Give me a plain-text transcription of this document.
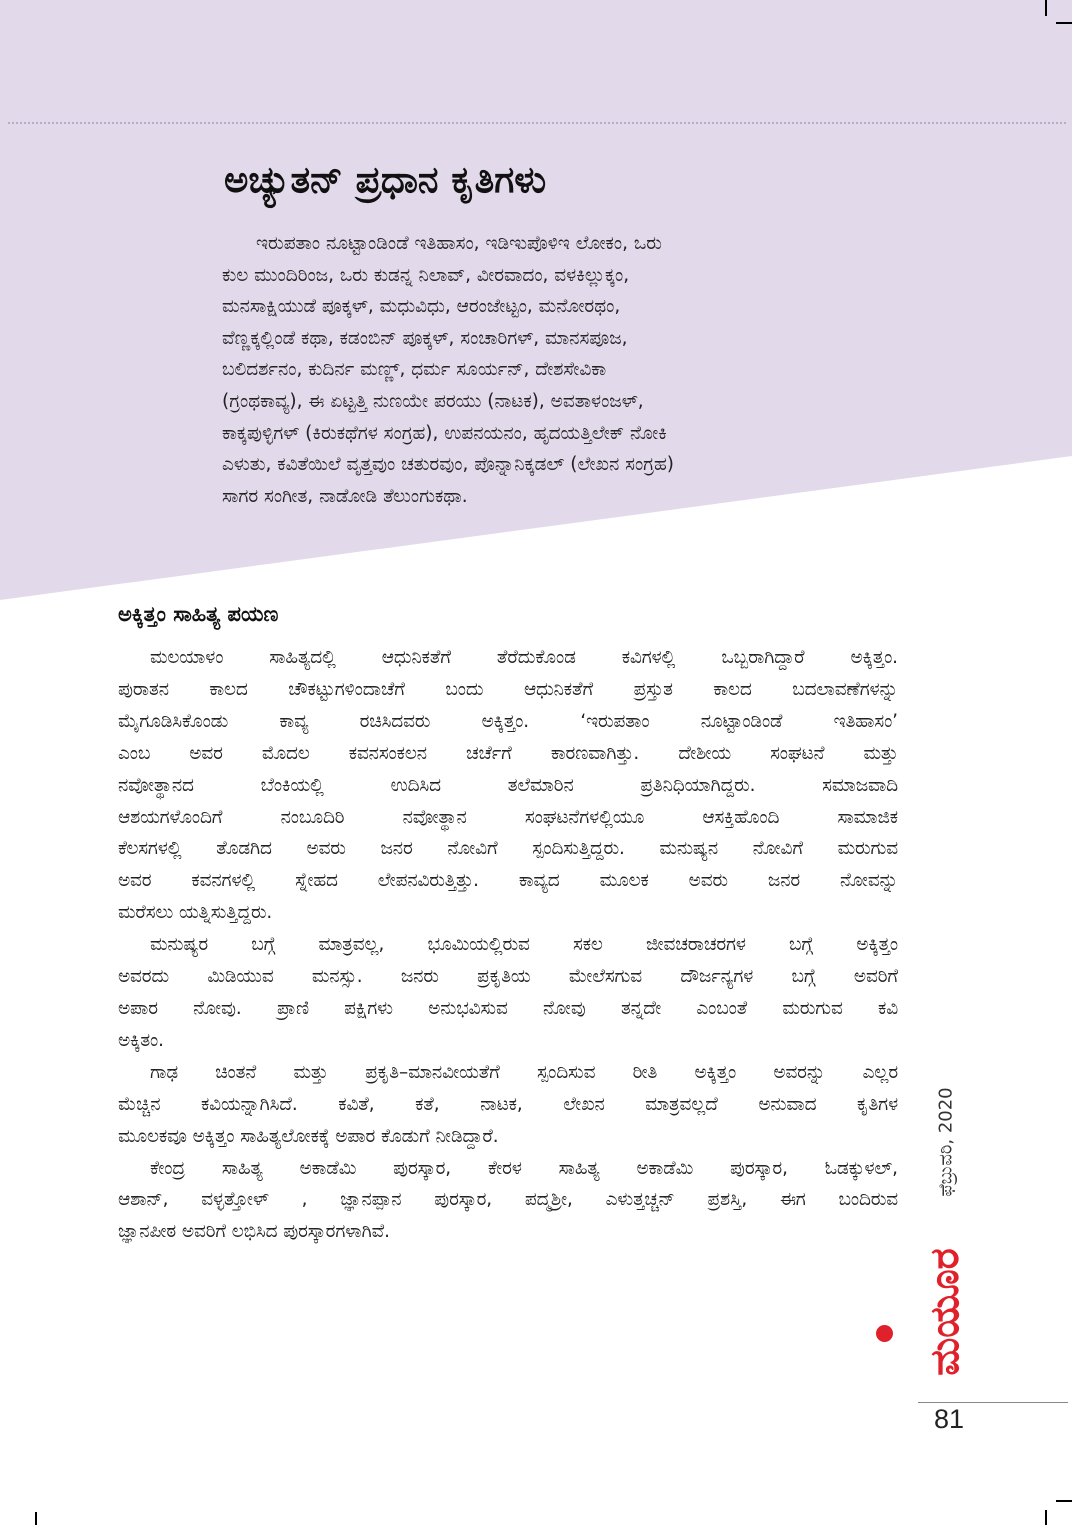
ಅಚ್ಯುತನ್ ಪ್ರಧಾನ ಕೃತಿಗಳು
ಇರುಪತಾಂ ನೂಟ್ಟಾಂಡಿಂಡೆ ಇತಿಹಾಸಂ, ಇಡಿಇುಪೊಳಿಇ ಲೋಕಂ, ಒರು
ಕುಲ ಮುಂದಿರಿಂಜ, ಒರು ಕುಡನ್ನ ನಿಲಾವ್, ವೀರವಾದಂ, ವಳಕಿಲ್ಲುಕ್ಕಂ,
ಮನಸಾಕ್ಷಿಯುಡೆ ಪೂಕ್ಕಳ್, ಮಧುವಿಧು, ಆರಂಜೇಟ್ಟಂ, ಮನೋರಥಂ,
ವೆಣ್ಣಕ್ಕಲ್ಲಿಂಡೆ ಕಥಾ, ಕಡಂಬಿನ್ ಪೂಕ್ಕಳ್, ಸಂಚಾರಿಗಳ್, ಮಾನಸಪೂಜ,
ಬಲಿದರ್ಶನಂ, ಕುದಿರ್ನ ಮಣ್ಣ್, ಧರ್ಮ ಸೂರ್ಯನ್, ದೇಶಸೇವಿಕಾ
(ಗ್ರಂಥಕಾವ್ಯ), ಈ ಏಟ್ಟತ್ತಿ ನುಣಯೇ ಪರಯು (ನಾಟಕ), ಅವತಾಳಂಜಳ್,
ಕಾಕ್ಕಪುಳ್ಳಿಗಳ್ (ಕಿರುಕಥೆಗಳ ಸಂಗ್ರಹ), ಉಪನಯನಂ, ಹೃದಯತ್ತಿಲೇಕ್ ನೋಕಿ
ಎಳುತು, ಕವಿತೆಯಿಲೆ ವೃತ್ತವುಂ ಚತುರವುಂ, ಪೊನ್ನಾನಿಕ್ಕಡಲ್ (ಲೇಖನ ಸಂಗ್ರಹ)
ಸಾಗರ ಸಂಗೀತ, ನಾಡೋಡಿ ತೆಲುಂಗುಕಥಾ.
ಅಕ್ಕಿತ್ತಂ ಸಾಹಿತ್ಯ ಪಯಣ

ಮಲಯಾಳಂ ಸಾಹಿತ್ಯದಲ್ಲಿ ಆಧುನಿಕತೆಗೆ ತೆರೆದುಕೊಂಡ ಕವಿಗಳಲ್ಲಿ ಒಬ್ಬರಾಗಿದ್ದಾರೆ ಅಕ್ಕಿತ್ತಂ.
ಪುರಾತನ ಕಾಲದ ಚೌಕಟ್ಟುಗಳಿಂದಾಚೆಗೆ ಬಂದು ಆಧುನಿಕತೆಗೆ ಪ್ರಸ್ತುತ ಕಾಲದ ಬದಲಾವಣೆಗಳನ್ನು
ಮೈಗೂಡಿಸಿಕೊಂಡು ಕಾವ್ಯ ರಚಿಸಿದವರು ಅಕ್ಕಿತ್ತಂ. ‘ಇರುಪತಾಂ ನೂಟ್ಟಾಂಡಿಂಡೆ ಇತಿಹಾಸಂ’
ಎಂಬ ಅವರ ಮೊದಲ ಕವನಸಂಕಲನ ಚರ್ಚೆಗೆ ಕಾರಣವಾಗಿತ್ತು. ದೇಶೀಯ ಸಂಘಟನೆ ಮತ್ತು
ನವೋತ್ಥಾನದ ಬೆಂಕಿಯಲ್ಲಿ ಉದಿಸಿದ ತಲೆಮಾರಿನ ಪ್ರತಿನಿಧಿಯಾಗಿದ್ದರು. ಸಮಾಜವಾದಿ
ಆಶಯಗಳೊಂದಿಗೆ ನಂಬೂದಿರಿ ನವೋತ್ಥಾನ ಸಂಘಟನೆಗಳಲ್ಲಿಯೂ ಆಸಕ್ತಿಹೊಂದಿ ಸಾಮಾಜಿಕ
ಕೆಲಸಗಳಲ್ಲಿ ತೊಡಗಿದ ಅವರು ಜನರ ನೋವಿಗೆ ಸ್ಪಂದಿಸುತ್ತಿದ್ದರು. ಮನುಷ್ಯನ ನೋವಿಗೆ ಮರುಗುವ
ಅವರ ಕವನಗಳಲ್ಲಿ ಸ್ನೇಹದ ಲೇಪನವಿರುತ್ತಿತ್ತು. ಕಾವ್ಯದ ಮೂಲಕ ಅವರು ಜನರ ನೋವನ್ನು
ಮರೆಸಲು ಯತ್ನಿಸುತ್ತಿದ್ದರು.

ಮನುಷ್ಯರ ಬಗ್ಗೆ ಮಾತ್ರವಲ್ಲ, ಭೂಮಿಯಲ್ಲಿರುವ ಸಕಲ ಜೀವಚರಾಚರಗಳ ಬಗ್ಗೆ ಅಕ್ಕಿತ್ತಂ
ಅವರದು ಮಿಡಿಯುವ ಮನಸ್ಸು. ಜನರು ಪ್ರಕೃತಿಯ ಮೇಲೆಸಗುವ ದೌರ್ಜನ್ಯಗಳ ಬಗ್ಗೆ ಅವರಿಗೆ
ಅಪಾರ ನೋವು. ಪ್ರಾಣಿ ಪಕ್ಷಿಗಳು ಅನುಭವಿಸುವ ನೋವು ತನ್ನದೇ ಎಂಬಂತೆ ಮರುಗುವ ಕವಿ
ಅಕ್ಕಿತಂ.

ಗಾಢ ಚಿಂತನೆ ಮತ್ತು ಪ್ರಕೃತಿ–ಮಾನವೀಯತೆಗೆ ಸ್ಪಂದಿಸುವ ರೀತಿ ಅಕ್ಕಿತ್ತಂ ಅವರನ್ನು ಎಲ್ಲರ
ಮೆಚ್ಚಿನ ಕವಿಯನ್ನಾಗಿಸಿದೆ. ಕವಿತೆ, ಕತೆ, ನಾಟಕ, ಲೇಖನ ಮಾತ್ರವಲ್ಲದೆ ಅನುವಾದ ಕೃತಿಗಳ
ಮೂಲಕವೂ ಅಕ್ಕಿತ್ತಂ ಸಾಹಿತ್ಯಲೋಕಕ್ಕೆ ಅಪಾರ ಕೊಡುಗೆ ನೀಡಿದ್ದಾರೆ.

ಕೇಂದ್ರ ಸಾಹಿತ್ಯ ಅಕಾಡೆಮಿ ಪುರಸ್ಕಾರ, ಕೇರಳ ಸಾಹಿತ್ಯ ಅಕಾಡೆಮಿ ಪುರಸ್ಕಾರ, ಓಡಕ್ಕುಳಲ್,
ಆಶಾನ್, ವಳ್ಳತ್ತೋಳ್ , ಜ್ಞಾನಪ್ಪಾನ ಪುರಸ್ಕಾರ, ಪದ್ಮಶ್ರೀ, ಎಳುತ್ತಚ್ಚನ್ ಪ್ರಶಸ್ತಿ, ಈಗ ಬಂದಿರುವ
ಜ್ಞಾನಪೀಠ ಅವರಿಗೆ ಲಭಿಸಿದ ಪುರಸ್ಕಾರಗಳಾಗಿವೆ.

ಫೆಬ್ರುವರಿ, 2020
ಮಯೂರ
81
